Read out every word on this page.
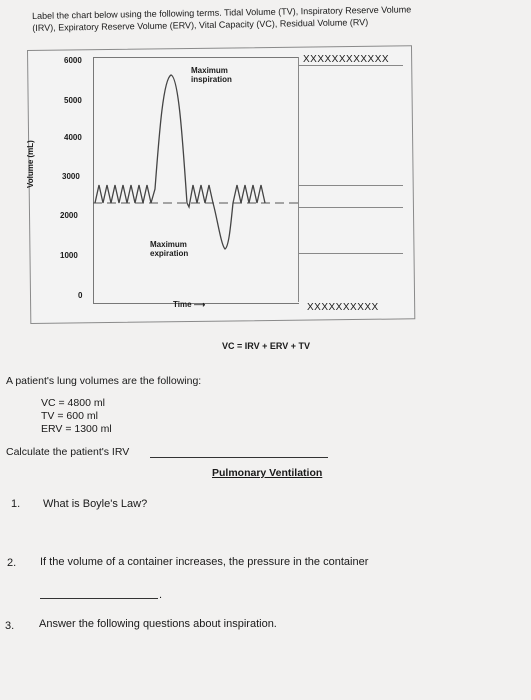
Label the chart below using the following terms. Tidal Volume (TV), Inspiratory Reserve Volume
(IRV), Expiratory Reserve Volume (ERV), Vital Capacity (VC), Residual Volume (RV)
Volume (mL)
6000
5000
4000
3000
2000
1000
0
Maximum
inspiration
Maximum
expiration
Time ⟶
XXXXXXXXXXXX
XXXXXXXXXX
VC = IRV + ERV + TV
A patient's lung volumes are the following:
VC = 4800 ml
TV = 600 ml
ERV = 1300 ml
Calculate the patient's IRV
Pulmonary Ventilation
1. What is Boyle's Law?
2. If the volume of a container increases, the pressure in the container
.
3. Answer the following questions about inspiration.
